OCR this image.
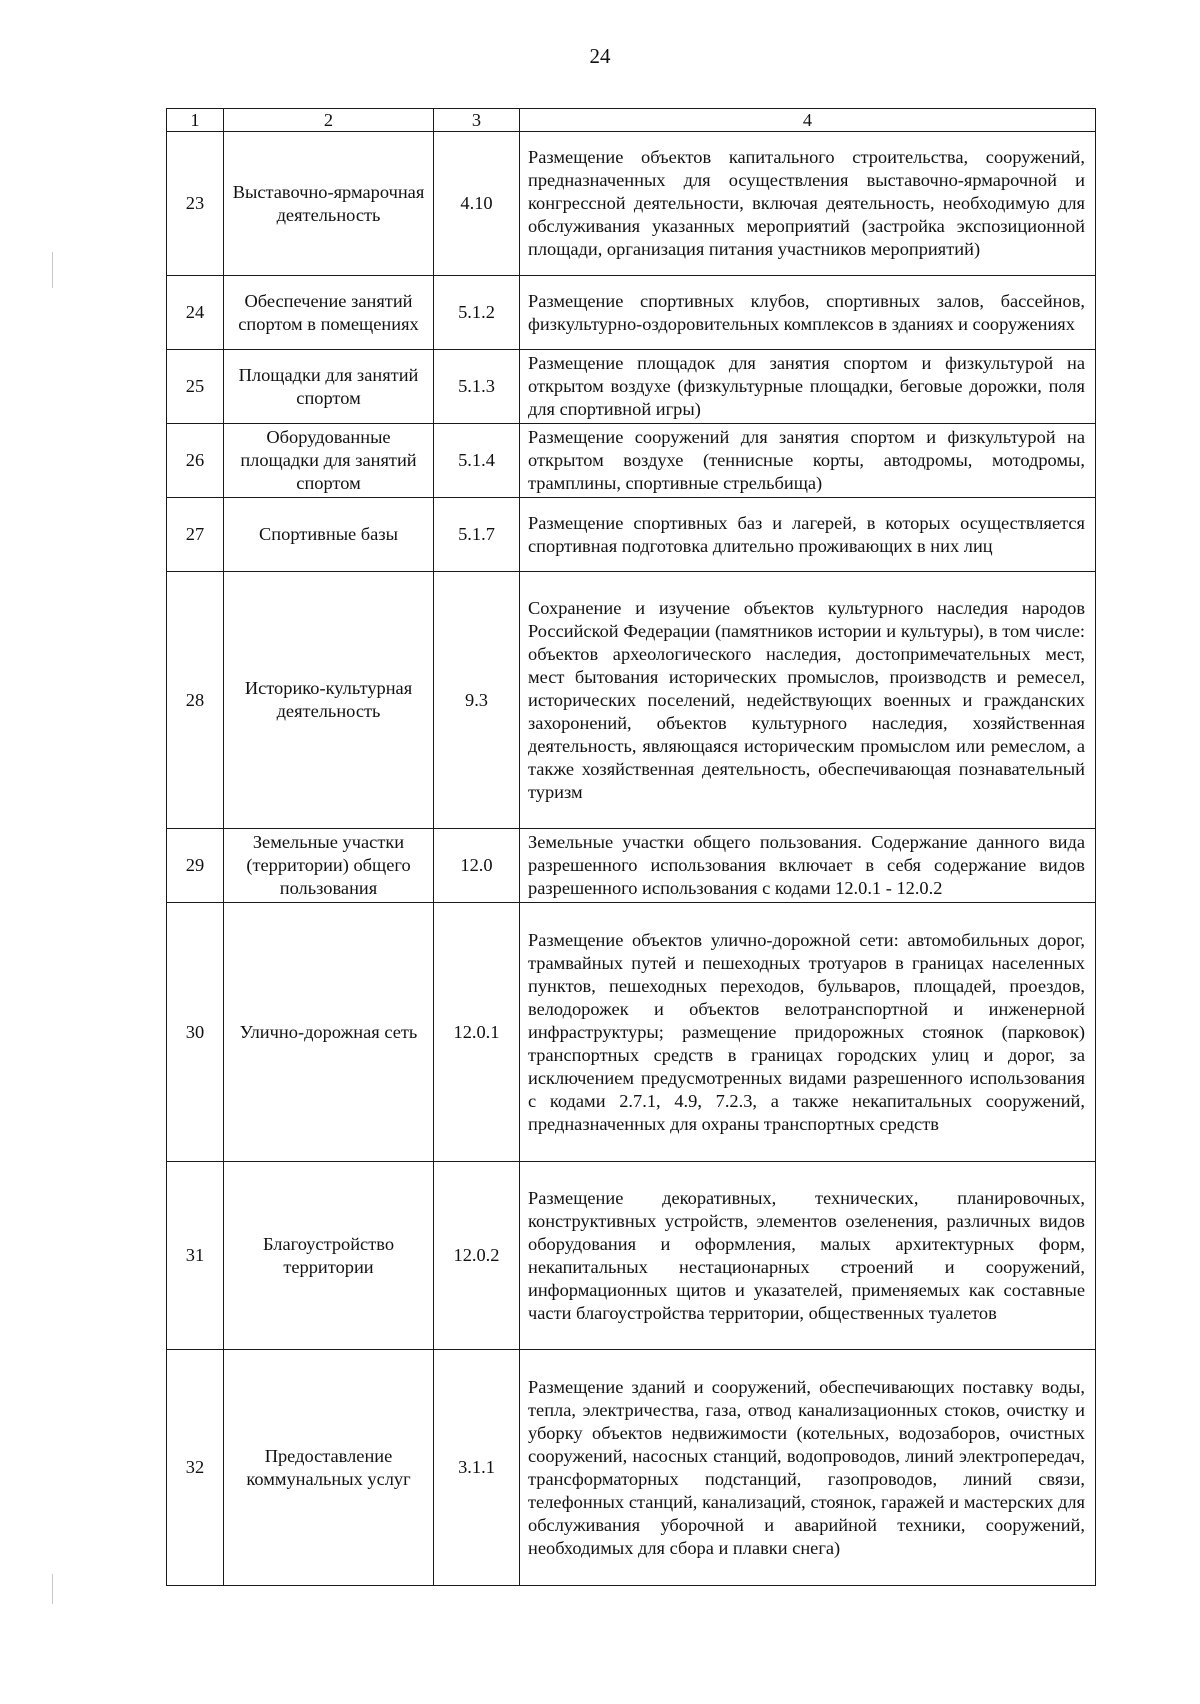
24
1	2	3	4
23	Выставочно-ярмарочная деятельность	4.10	Размещение объектов капитального строительства, сооружений, предназначенных для осуществления выставочно-ярмарочной и конгрессной деятельности, включая деятельность, необходимую для обслуживания указанных мероприятий (застройка экспозиционной площади, организация питания участников мероприятий)
24	Обеспечение занятий спортом в помещениях	5.1.2	Размещение спортивных клубов, спортивных залов, бассейнов, физкультурно-оздоровительных комплексов в зданиях и сооружениях
25	Площадки для занятий спортом	5.1.3	Размещение площадок для занятия спортом и физкультурой на открытом воздухе (физкультурные площадки, беговые дорожки, поля для спортивной игры)
26	Оборудованные площадки для занятий спортом	5.1.4	Размещение сооружений для занятия спортом и физкультурой на открытом воздухе (теннисные корты, автодромы, мотодромы, трамплины, спортивные стрельбища)
27	Спортивные базы	5.1.7	Размещение спортивных баз и лагерей, в которых осуществляется спортивная подготовка длительно проживающих в них лиц
28	Историко-культурная деятельность	9.3	Сохранение и изучение объектов культурного наследия народов Российской Федерации (памятников истории и культуры), в том числе: объектов археологического наследия, достопримечательных мест, мест бытования исторических промыслов, производств и ремесел, исторических поселений, недействующих военных и гражданских захоронений, объектов культурного наследия, хозяйственная деятельность, являющаяся историческим промыслом или ремеслом, а также хозяйственная деятельность, обеспечивающая познавательный туризм
29	Земельные участки (территории) общего пользования	12.0	Земельные участки общего пользования. Содержание данного вида разрешенного использования включает в себя содержание видов разрешенного использования с кодами 12.0.1 - 12.0.2
30	Улично-дорожная сеть	12.0.1	Размещение объектов улично-дорожной сети: автомобильных дорог, трамвайных путей и пешеходных тротуаров в границах населенных пунктов, пешеходных переходов, бульваров, площадей, проездов, велодорожек и объектов велотранспортной и инженерной инфраструктуры; размещение придорожных стоянок (парковок) транспортных средств в границах городских улиц и дорог, за исключением предусмотренных видами разрешенного использования с кодами 2.7.1, 4.9, 7.2.3, а также некапитальных сооружений, предназначенных для охраны транспортных средств
31	Благоустройство территории	12.0.2	Размещение декоративных, технических, планировочных, конструктивных устройств, элементов озеленения, различных видов оборудования и оформления, малых архитектурных форм, некапитальных нестационарных строений и сооружений, информационных щитов и указателей, применяемых как составные части благоустройства территории, общественных туалетов
32	Предоставление коммунальных услуг	3.1.1	Размещение зданий и сооружений, обеспечивающих поставку воды, тепла, электричества, газа, отвод канализационных стоков, очистку и уборку объектов недвижимости (котельных, водозаборов, очистных сооружений, насосных станций, водопроводов, линий электропередач, трансформаторных подстанций, газопроводов, линий связи, телефонных станций, канализаций, стоянок, гаражей и мастерских для обслуживания уборочной и аварийной техники, сооружений, необходимых для сбора и плавки снега)
